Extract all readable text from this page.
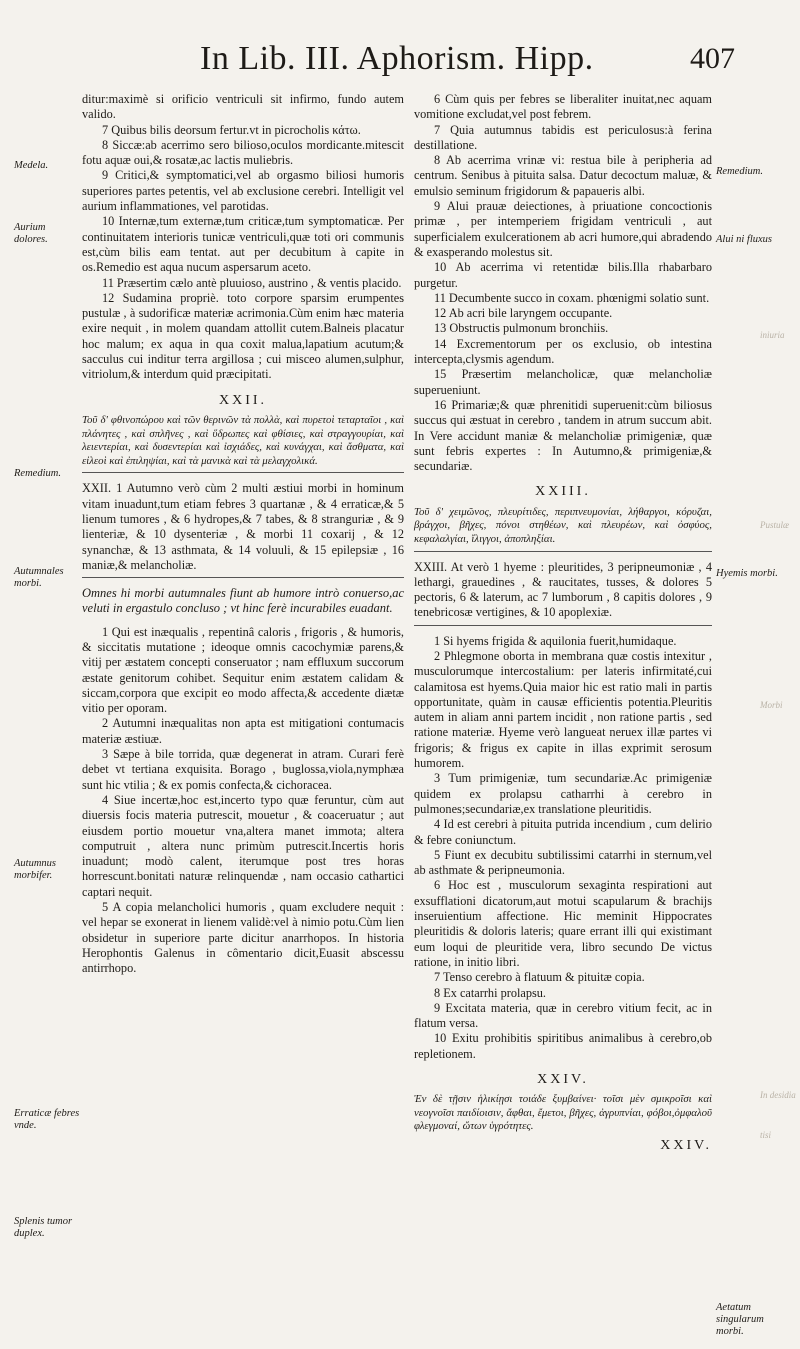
In Lib. III. Aphorism. Hipp.	407

ditur:maximè si orificio ventriculi sit infirmo, fundo autem valido.

7 Quibus bilis deorsum fertur.vt in picrocholis κάτω.

8 Siccæ:ab acerrimo sero bilioso,oculos mordicante.mitescit fotu aquæ oui,& rosatæ,ac lactis muliebris.

9 Critici,& symptomatici,vel ab orgasmo biliosi humoris superiores partes petentis, vel ab exclusione cerebri. Intelligit vel aurium inflammationes, vel parotidas.

10 Internæ,tum externæ,tum criticæ,tum symptomaticæ. Per continuitatem interioris tunicæ ventriculi,quæ toti ori communis est,cùm bilis eam tentat. aut per decubitum à capite in os.Remedio est aqua nucum aspersarum aceto.

11 Præsertim cælo antè pluuioso, austrino , & ventis placido.

12 Sudamina propriè. toto corpore sparsim erumpentes pustulæ , à sudorificæ materiæ acrimonia.Cùm enim hæc materia exire nequit , in molem quandam attollit cutem.Balneis placatur hoc malum; ex aqua in qua coxit malua,lapatium acutum;& sacculus cui inditur terra argillosa ; cui misceo alumen,sulphur, vitriolum,& interdum quid præcipitati.

XXII.

Τοῦ δ' φθινοπώρου καὶ τῶν θερινῶν τὰ πολλὰ, καὶ πυρετοὶ τεταρταῖοι , καὶ πλάνητες , καὶ σπλῆνες , καὶ ὕδρωπες καὶ φθίσιες, καὶ στραγγουρίαι, καὶ λειεντερίαι, καὶ δυσεντερίαι καὶ ἰσχιάδες, καὶ κυνάγχαι, καὶ ἄσθματα, καὶ εἰλεοὶ καὶ ἐπιληψίαι, καὶ τὰ μανικὰ καὶ τὰ μελαγχολικά.

XXII. 1 Autumno verò cùm 2 multi æstiui morbi in hominum vitam inuadunt,tum etiam febres 3 quartanæ , & 4 erraticæ,& 5 lienum tumores , & 6 hydropes,& 7 tabes, & 8 stranguriæ , & 9 lienteriæ, & 10 dysenteriæ , & morbi 11 coxarij , & 12 synanchæ, & 13 asthmata, & 14 voluuli, & 15 epilepsiæ , 16 maniæ,& melancholiæ.

Omnes hi morbi autumnales fiunt ab humore intrò conuerso,ac veluti in ergastulo concluso ; vt hinc ferè incurabiles euadant.

1 Qui est inæqualis , repentinâ caloris , frigoris , & humoris, & siccitatis mutatione ; ideoque omnis cacochymiæ parens,& vitij per æstatem concepti conseruator ; nam effluxum succorum æstate genitorum cohibet. Sequitur enim æstatem calidam & siccam,corpora que excipit eo modo affecta,& accedente diætæ vitio per oporam.

2 Autumni inæqualitas non apta est mitigationi contumacis materiæ æstiuæ.

3 Sæpe à bile torrida, quæ degenerat in atram. Curari ferè debet vt tertiana exquisita. Borago , buglossa,viola,nymphæa sunt hic vtilia ; & ex pomis confecta,& cichoracea.

4 Siue incertæ,hoc est,incerto typo quæ feruntur, cùm aut diuersis focis materia putrescit, mouetur , & coaceruatur ; aut eiusdem portio mouetur vna,altera manet immota; altera computruit , altera nunc primùm putrescit.Incertis horis inuadunt; modò calent, iterumque post tres horas horrescunt.bonitati naturæ relinquendæ , nam occasio cathartici captari nequit.

5 A copia melancholici humoris , quam excludere nequit : vel hepar se exonerat in lienem validè:vel à nimio potu.Cùm lien obsidetur in superiore parte dicitur anarrhopos. In historia Herophontis Galenus in cômentario dicit,Euasit abscessu antirrhopo.

6 Cùm quis per febres se liberaliter inuitat,nec aquam vomitione excludat,vel post febrem.

7 Quia autumnus tabidis est periculosus:à ferina destillatione.

8 Ab acerrima vrinæ vi: restua bile à peripheria ad centrum. Senibus à pituita salsa. Datur decoctum maluæ, & emulsio seminum frigidorum & papaueris albi.

9 Alui prauæ deiectiones, à priuatione concoctionis primæ , per intemperiem frigidam ventriculi , aut superficialem exulcerationem ab acri humore,qui abradendo & exasperando molestus sit.

10 Ab acerrima vi retentidæ bilis.Illa rhabarbaro purgetur.

11 Decumbente succo in coxam. phœnigmi solatio sunt.

12 Ab acri bile laryngem occupante.

13 Obstructis pulmonum bronchiis.

14 Excrementorum per os exclusio, ob intestina intercepta,clysmis agendum.

15 Præsertim melancholicæ, quæ melancholiæ superueniunt.

16 Primariæ;& quæ phrenitidi superuenit:cùm biliosus succus qui æstuat in cerebro , tandem in atrum succum abit. In Vere accidunt maniæ & melancholiæ primigeniæ, quæ sunt febris expertes : In Autumno,& primigeniæ,& secundariæ.

XXIII.

Τοῦ δ' χειμῶνος, πλευρίτιδες, περιπνευμονίαι, λήθαργοι, κόρυζαι, βράγχοι, βῆχες, πόνοι στηθέων, καὶ πλευρέων, καὶ ὀσφύος, κεφαλαλγίαι, ἴλιγγοι, ἀποπληξίαι.

XXIII. At verò 1 hyeme : pleuritides, 3 peripneumoniæ , 4 lethargi, grauedines , & raucitates, tusses, & dolores 5 pectoris, 6 & laterum, ac 7 lumborum , 8 capitis dolores , 9 tenebricosæ vertigines, & 10 apoplexiæ.

1 Si hyems frigida & aquilonia fuerit,humidaque.

2 Phlegmone oborta in membrana quæ costis intexitur , musculorumque intercostalium: per lateris infirmitaté,cui calamitosa est hyems.Quia maior hic est ratio mali in partis opportunitate, quàm in causæ efficientis potentia.Pleuritis autem in aliam anni partem incidit , non ratione partis , sed ratione materiæ. Hyeme verò langueat neruex illæ partes vi frigoris; & frigus ex capite in illas exprimit serosum humorem.

3 Tum primigeniæ, tum secundariæ.Ac primigeniæ quidem ex prolapsu catharrhi à cerebro in pulmones;secundariæ,ex translatione pleuritidis.

4 Id est cerebri à pituita putrida incendium , cum delirio & febre coniunctum.

5 Fiunt ex decubitu subtilissimi catarrhi in sternum,vel ab asthmate & peripneumonia.

6 Hoc est , musculorum sexaginta respirationi aut exsufflationi dicatorum,aut motui scapularum & brachijs inseruientium affectione. Hic meminit Hippocrates pleuritidis & doloris lateris; quare errant illi qui existimant eum loqui de pleuritide vera, libro secundo De victus ratione, in initio libri.

7 Tenso cerebro à flatuum & pituitæ copia.

8 Ex catarrhi prolapsu.

9 Excitata materia, quæ in cerebro vitium fecit, ac in flatum versa.

10 Exitu prohibitis spiritibus animalibus à cerebro,ob repletionem.

XXIV.

Ἐν δὲ τῇσιν ἡλικίῃσι τοιάδε ξυμβαίνει· τοῖσι μὲν σμικροῖσι καὶ νεογνοῖσι παιδίοισιν, ἄφθαι, ἔμετοι, βῆχες, ἀγρυπνίαι, φόβοι,ὀμφαλοῦ φλεγμοναί, ὤτων ὑγρότητες.

XXIV.
Medela.
Aurium dolores.
Remedium.
Autumnales morbi.
Autumnus morbifer.
Erraticæ febres vnde.
Splenis tumor duplex.
Remedium.
Alui ni fluxus
Hyemis morbi.
Aetatum singularum morbi.
iniuria
Pustulæ
Morbi
In desidia
tisi
